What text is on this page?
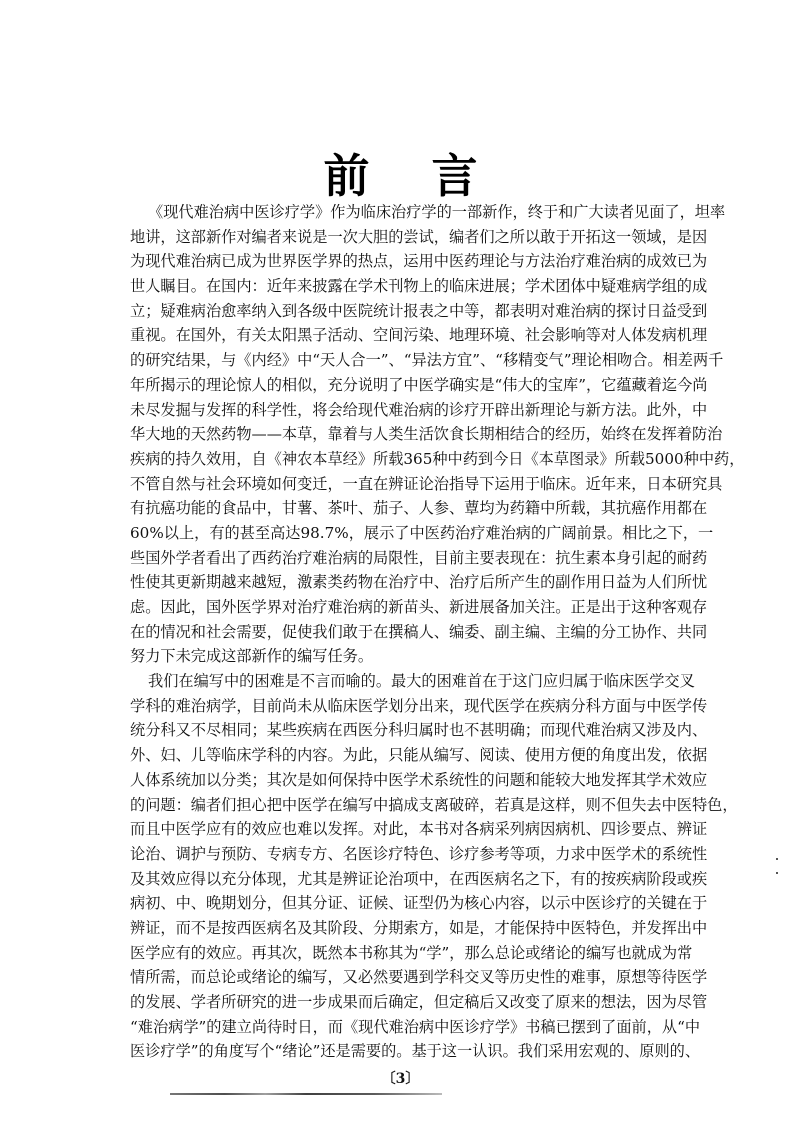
前言
《现代难治病中医诊疗学》作为临床治疗学的一部新作，终于和广大读者见面了，坦率
地讲，这部新作对编者来说是一次大胆的尝试，编者们之所以敢于开拓这一领域，是因
为现代难治病已成为世界医学界的热点，运用中医药理论与方法治疗难治病的成效已为
世人瞩目。在国内：近年来披露在学术刊物上的临床进展；学术团体中疑难病学组的成
立；疑难病治愈率纳入到各级中医院统计报表之中等，都表明对难治病的探讨日益受到
重视。在国外，有关太阳黑子活动、空间污染、地理环境、社会影响等对人体发病机理
的研究结果，与《内经》中“天人合一”、“异法方宜”、“移精变气”理论相吻合。相差两千
年所揭示的理论惊人的相似，充分说明了中医学确实是“伟大的宝库”，它蕴藏着迄今尚
未尽发掘与发挥的科学性，将会给现代难治病的诊疗开辟出新理论与新方法。此外，中
华大地的天然药物——本草，靠着与人类生活饮食长期相结合的经历，始终在发挥着防治
疾病的持久效用，自《神农本草经》所载365种中药到今日《本草图录》所载5000种中药，
不管自然与社会环境如何变迁，一直在辨证论治指导下运用于临床。近年来，日本研究具
有抗癌功能的食品中，甘薯、茶叶、茄子、人参、蕈均为药籍中所载，其抗癌作用都在
60%以上，有的甚至高达98.7%，展示了中医药治疗难治病的广阔前景。相比之下，一
些国外学者看出了西药治疗难治病的局限性，目前主要表现在：抗生素本身引起的耐药
性使其更新期越来越短，激素类药物在治疗中、治疗后所产生的副作用日益为人们所忧
虑。因此，国外医学界对治疗难治病的新苗头、新进展备加关注。正是出于这种客观存
在的情况和社会需要，促使我们敢于在撰稿人、编委、副主编、主编的分工协作、共同
努力下未完成这部新作的编写任务。
我们在编写中的困难是不言而喻的。最大的困难首在于这门应归属于临床医学交叉
学科的难治病学，目前尚未从临床医学划分出来，现代医学在疾病分科方面与中医学传
统分科又不尽相同；某些疾病在西医分科归属时也不甚明确；而现代难治病又涉及内、
外、妇、儿等临床学科的内容。为此，只能从编写、阅读、使用方便的角度出发，依据
人体系统加以分类；其次是如何保持中医学术系统性的问题和能较大地发挥其学术效应
的问题：编者们担心把中医学在编写中搞成支离破碎，若真是这样，则不但失去中医特色，
而且中医学应有的效应也难以发挥。对此，本书对各病采列病因病机、四诊要点、辨证
论治、调护与预防、专病专方、名医诊疗特色、诊疗参考等项，力求中医学术的系统性
及其效应得以充分体现，尤其是辨证论治项中，在西医病名之下，有的按疾病阶段或疾
病初、中、晚期划分，但其分证、证候、证型仍为核心内容，以示中医诊疗的关键在于
辨证，而不是按西医病名及其阶段、分期索方，如是，才能保持中医特色，并发挥出中
医学应有的效应。再其次，既然本书称其为“学”，那么总论或绪论的编写也就成为常
情所需，而总论或绪论的编写，又必然要遇到学科交叉等历史性的难事，原想等待医学
的发展、学者所研究的进一步成果而后确定，但定稿后又改变了原来的想法，因为尽管
“难治病学”的建立尚待时日，而《现代难治病中医诊疗学》书稿已摆到了面前，从“中
医诊疗学”的角度写个“绪论”还是需要的。基于这一认识。我们采用宏观的、原则的、
〔3〕
